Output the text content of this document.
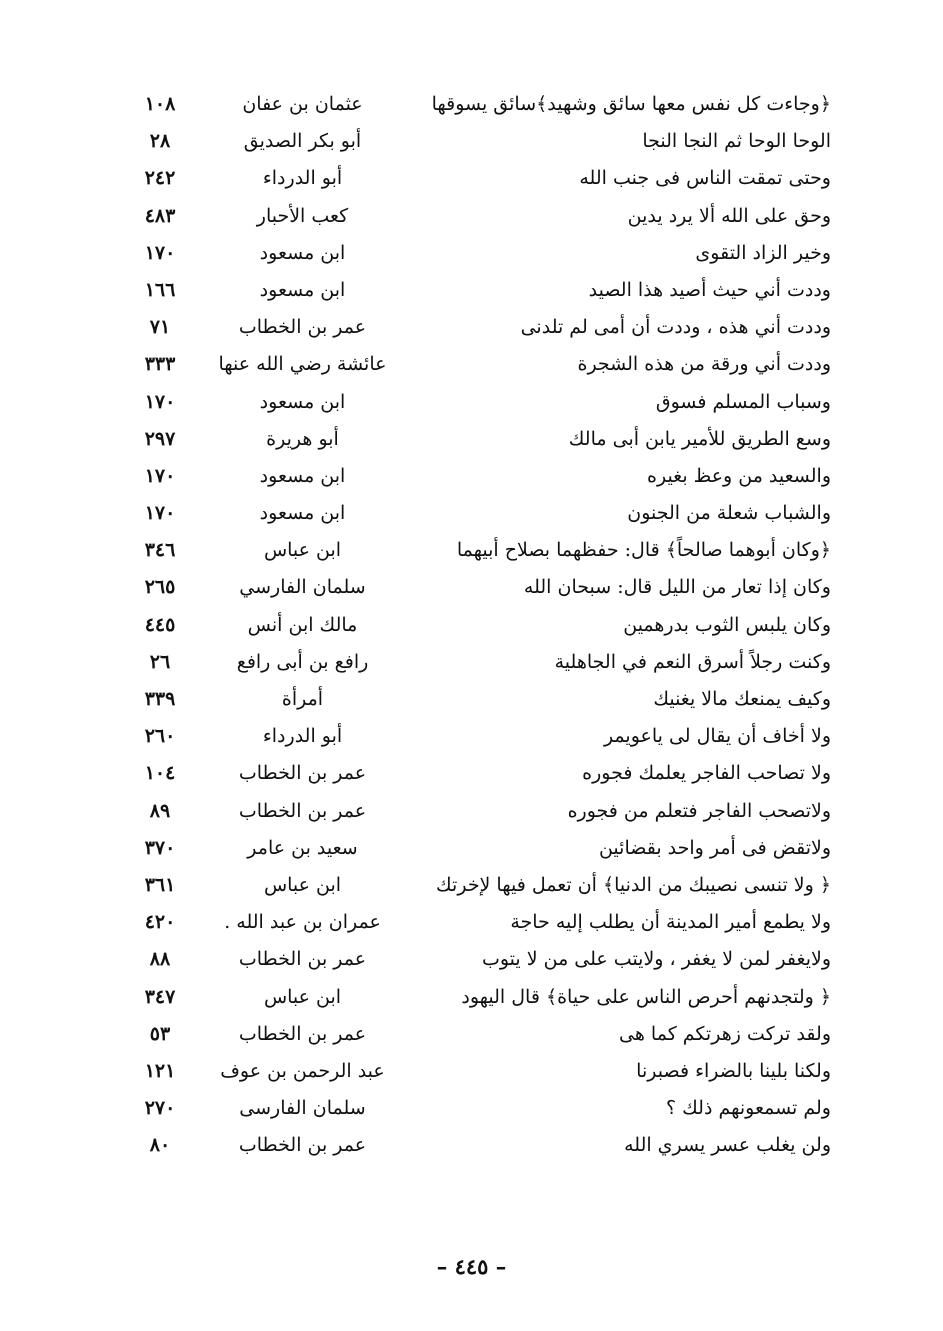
﴿وجاءت كل نفس معها سائق وشهيد﴾سائق يسوقها
عثمان بن عفان
١٠٨
الوحا الوحا ثم النجا النجا
أبو بكر الصديق
٢٨
وحتى تمقت الناس فى جنب الله
أبو الدرداء
٢٤٢
وحق على الله ألا يرد يدين
كعب الأحبار
٤٨٣
وخير الزاد التقوى
ابن مسعود
١٧٠
وددت أني حيث أصيد هذا الصيد
ابن مسعود
١٦٦
وددت أني هذه ، وددت أن أمى لم تلدنى
عمر بن الخطاب
٧١
وددت أني ورقة من هذه الشجرة
عائشة رضي الله عنها
٣٣٣
وسباب المسلم فسوق
ابن مسعود
١٧٠
وسع الطريق للأمير يابن أبى مالك
أبو هريرة
٢٩٧
والسعيد من وعظ بغيره
ابن مسعود
١٧٠
والشباب شعلة من الجنون
ابن مسعود
١٧٠
﴿وكان أبوهما صالحاً﴾ قال: حفظهما بصلاح أبيهما
ابن عباس
٣٤٦
وكان إذا تعار من الليل قال: سبحان الله
سلمان الفارسي
٢٦٥
وكان يلبس الثوب بدرهمين
مالك ابن أنس
٤٤٥
وكنت رجلاً أسرق النعم في الجاهلية
رافع بن أبى رافع
٢٦
وكيف يمنعك مالا يغنيك
أمرأة
٣٣٩
ولا أخاف أن يقال لى ياعويمر
أبو الدرداء
٢٦٠
ولا تصاحب الفاجر يعلمك فجوره
عمر بن الخطاب
١٠٤
ولاتصحب الفاجر فتعلم من فجوره
عمر بن الخطاب
٨٩
ولاتقض فى أمر واحد بقضائين
سعيد بن عامر
٣٧٠
﴿ ولا تنسى نصيبك من الدنيا﴾ أن تعمل فيها لإخرتك
ابن عباس
٣٦١
ولا يطمع أمير المدينة أن يطلب إليه حاجة
عمران بن عبد الله .
٤٢٠
ولايغفر لمن لا يغفر ، ولايتب على من لا يتوب
عمر بن الخطاب
٨٨
﴿ ولتجدنهم أحرص الناس على حياة﴾ قال اليهود
ابن عباس
٣٤٧
ولقد تركت زهرتكم كما هى
عمر بن الخطاب
٥٣
ولكنا بلينا بالضراء فصبرنا
عبد الرحمن بن عوف
١٢١
ولم تسمعونهم ذلك ؟
سلمان الفارسى
٢٧٠
ولن يغلب عسر يسري الله
عمر بن الخطاب
٨٠
– ٤٤٥ –
